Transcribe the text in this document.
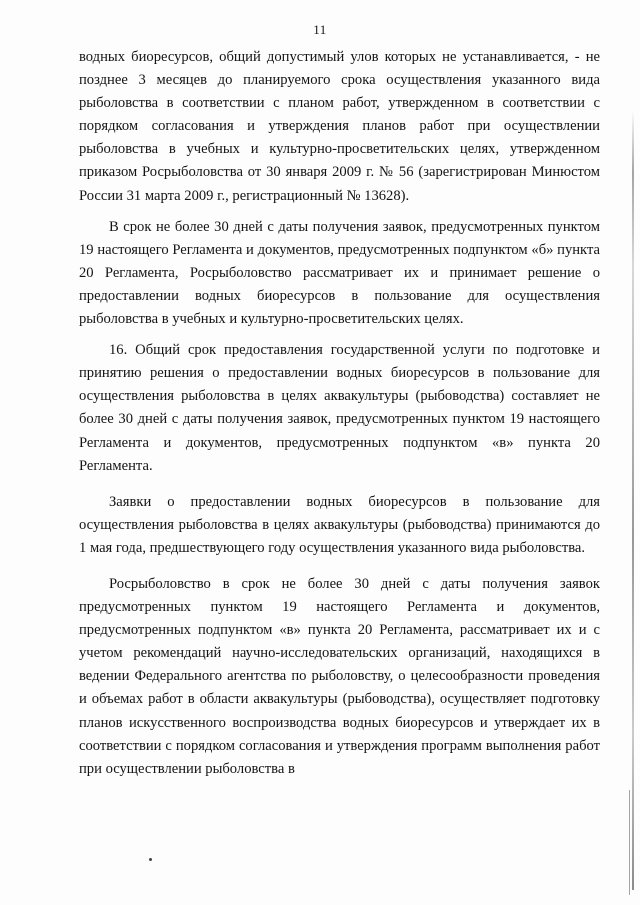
11

водных биоресурсов, общий допустимый улов которых не устанавливается, - не позднее 3 месяцев до планируемого срока осуществления указанного вида рыболовства в соответствии с планом работ, утвержденном в соответствии с порядком согласования и утверждения планов работ при осуществлении рыболовства в учебных и культурно-просветительских целях, утвержденном приказом Росрыболовства от 30 января 2009 г. № 56 (зарегистрирован Минюстом России 31 марта 2009 г., регистрационный № 13628).

В срок не более 30 дней с даты получения заявок, предусмотренных пунктом 19 настоящего Регламента и документов, предусмотренных подпунктом «б» пункта 20 Регламента, Росрыболовство рассматривает их и принимает решение о предоставлении водных биоресурсов в пользование для осуществления рыболовства в учебных и культурно-просветительских целях.

16. Общий срок предоставления государственной услуги по подготовке и принятию решения о предоставлении водных биоресурсов в пользование для осуществления рыболовства в целях аквакультуры (рыбоводства) составляет не более 30 дней с даты получения заявок, предусмотренных пунктом 19 настоящего Регламента и документов, предусмотренных подпунктом «в» пункта 20 Регламента.

Заявки о предоставлении водных биоресурсов в пользование для осуществления рыболовства в целях аквакультуры (рыбоводства) принимаются до 1 мая года, предшествующего году осуществления указанного вида рыболовства.

Росрыболовство в срок не более 30 дней с даты получения заявок предусмотренных пунктом 19 настоящего Регламента и документов, предусмотренных подпунктом «в» пункта 20 Регламента, рассматривает их и с учетом рекомендаций научно-исследовательских организаций, находящихся в ведении Федерального агентства по рыболовству, о целесообразности проведения и объемах работ в области аквакультуры (рыбоводства), осуществляет подготовку планов искусственного воспроизводства водных биоресурсов и утверждает их в соответствии с порядком согласования и утверждения программ выполнения работ при осуществлении рыболовства в
